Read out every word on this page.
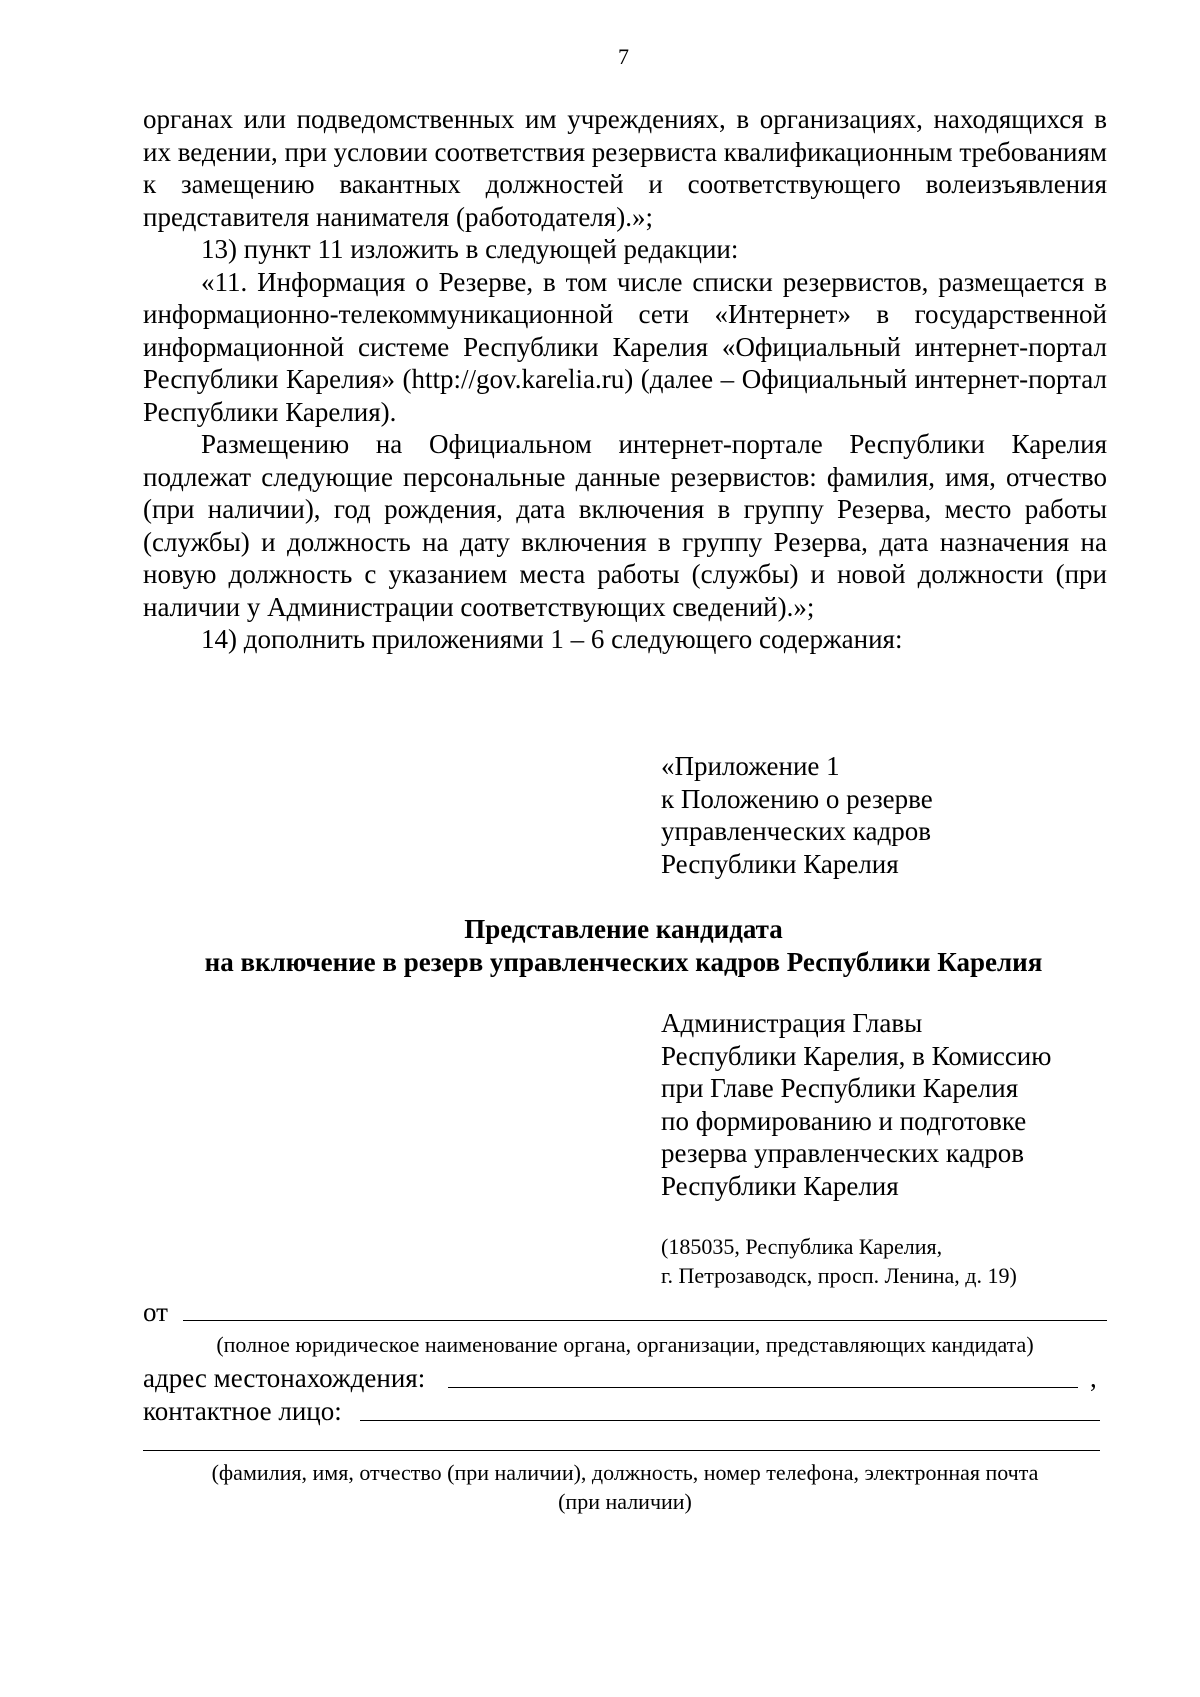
7

органах или подведомственных им учреждениях, в организациях, находящихся в их ведении, при условии соответствия резервиста квалификационным требованиям к замещению вакантных должностей и соответствующего волеизъявления представителя нанимателя (работодателя).»;

13) пункт 11 изложить в следующей редакции:

«11. Информация о Резерве, в том числе списки резервистов, размещается в информационно-телекоммуникационной сети «Интернет» в государственной информационной системе Республики Карелия «Официальный интернет-портал Республики Карелия» (http://gov.karelia.ru) (далее – Официальный интернет-портал Республики Карелия).

Размещению на Официальном интернет-портале Республики Карелия подлежат следующие персональные данные резервистов: фамилия, имя, отчество (при наличии), год рождения, дата включения в группу Резерва, место работы (службы) и должность на дату включения в группу Резерва, дата назначения на новую должность с указанием места работы (службы) и новой должности (при наличии у Администрации соответствующих сведений).»;

14) дополнить приложениями 1 – 6 следующего содержания:

«Приложение 1
к Положению о резерве
управленческих кадров
Республики Карелия
Представление кандидата
на включение в резерв управленческих кадров Республики Карелия
Администрация Главы
Республики Карелия, в Комиссию
при Главе Республики Карелия
по формированию и подготовке
резерва управленческих кадров
Республики Карелия
(185035, Республика Карелия,
г. Петрозаводск, просп. Ленина, д. 19)
от
(полное юридическое наименование органа, организации, представляющих кандидата)
адрес местонахождения:	,
контактное лицо:
(фамилия, имя, отчество (при наличии), должность, номер телефона, электронная почта
(при наличии)
